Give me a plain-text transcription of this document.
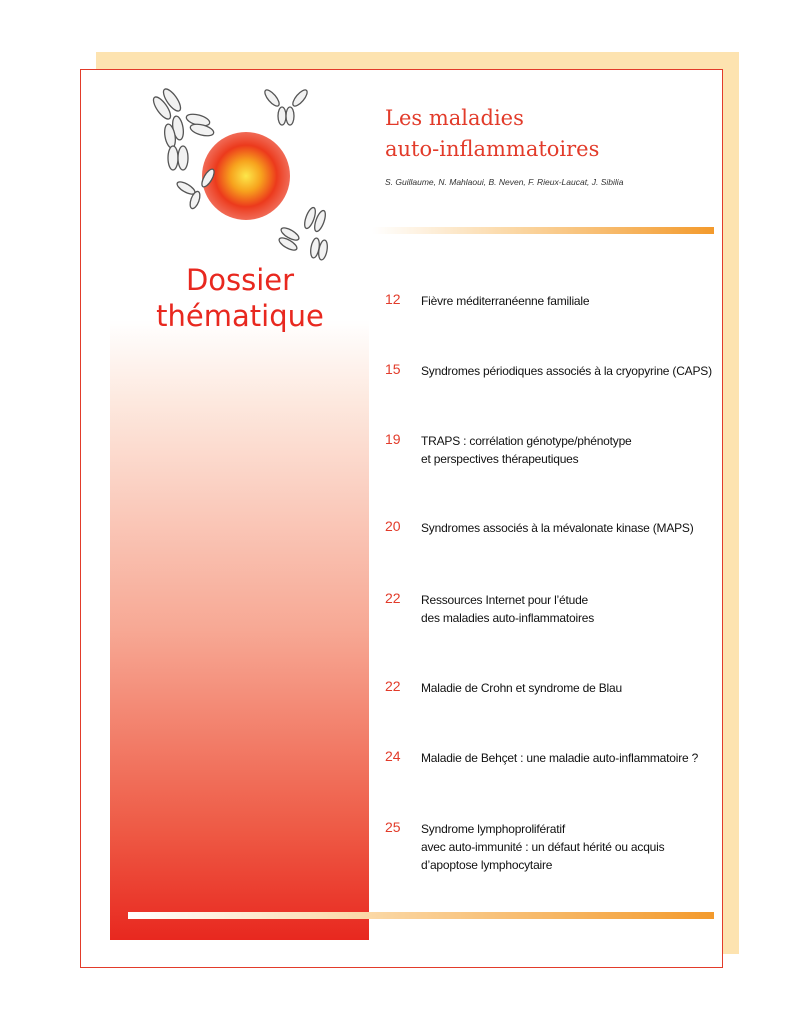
Dossier
thématique
Les maladies
auto-inflammatoires
S. Guillaume, N. Mahlaoui, B. Neven, F. Rieux-Laucat, J. Sibilia
12 Fièvre méditerranéenne familiale
15 Syndromes périodiques associés à la cryopyrine (CAPS)
19 TRAPS : corrélation génotype/phénotype
et perspectives thérapeutiques
20 Syndromes associés à la mévalonate kinase (MAPS)
22 Ressources Internet pour l’étude
des maladies auto-inflammatoires
22 Maladie de Crohn et syndrome de Blau
24 Maladie de Behçet : une maladie auto-inflammatoire ?
25 Syndrome lymphoprolifératif
avec auto-immunité : un défaut hérité ou acquis
d’apoptose lymphocytaire
